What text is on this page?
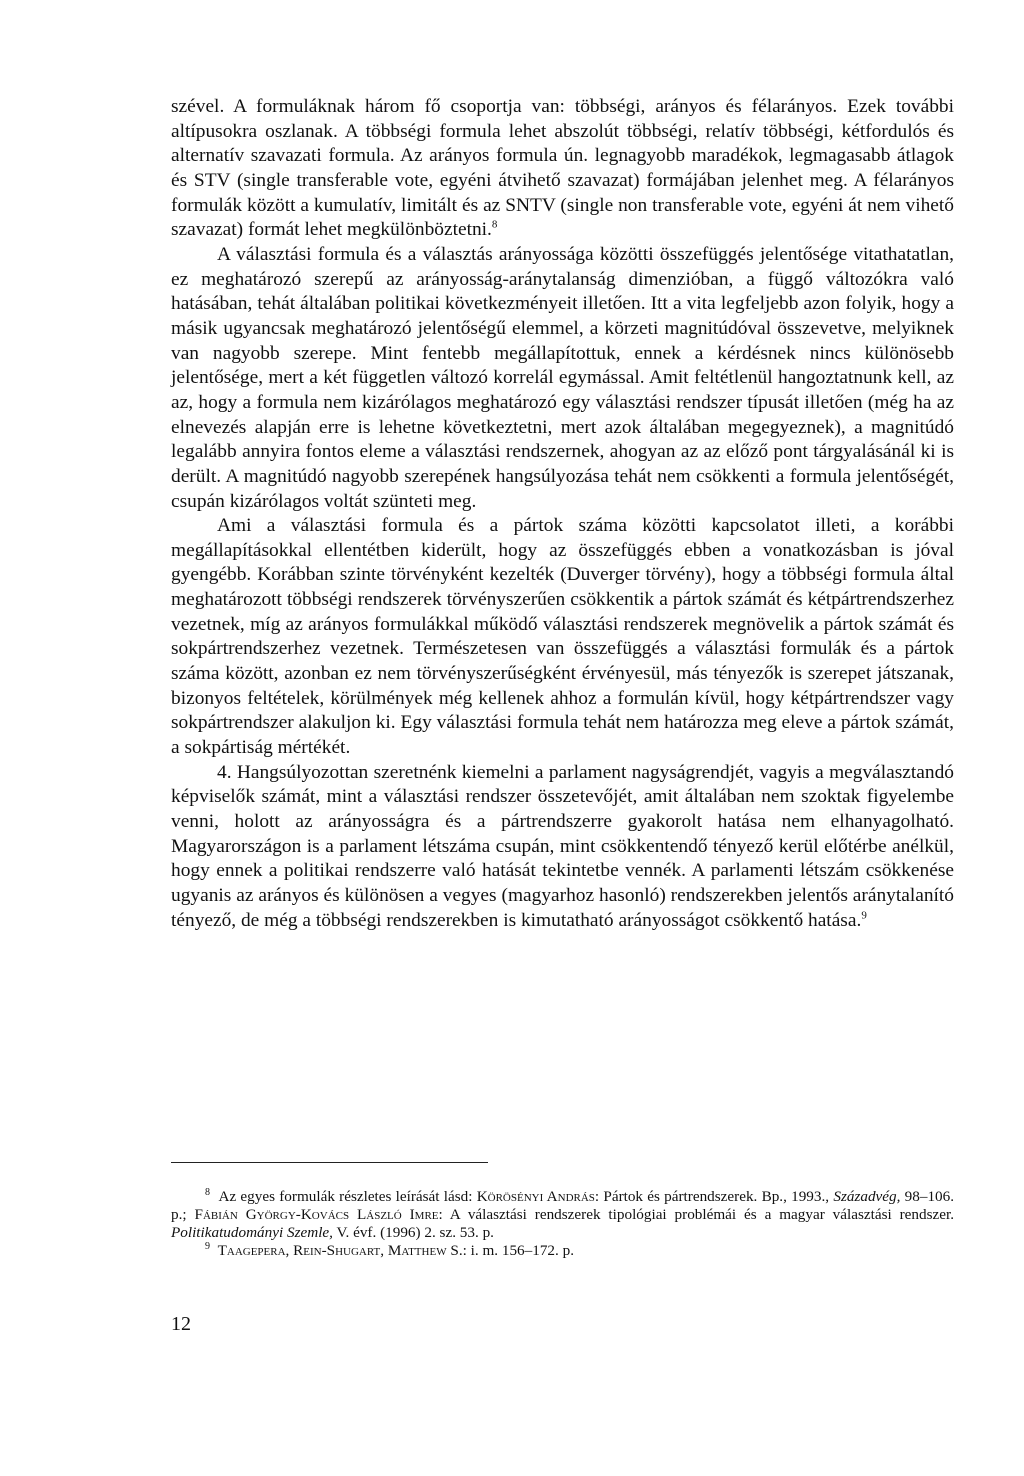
szével. A formuláknak három fő csoportja van: többségi, arányos és félarányos. Ezek további altípusokra oszlanak. A többségi formula lehet abszolút többségi, relatív többségi, kétfordulós és alternatív szavazati formula. Az arányos formula ún. legnagyobb maradékok, legmagasabb átlagok és STV (single transferable vote, egyéni átvihető szavazat) formájában jelenhet meg. A félarányos formulák között a kumulatív, limitált és az SNTV (single non transferable vote, egyéni át nem vihető szavazat) formát lehet megkülönböztetni.$^8$

A választási formula és a választás arányossága közötti összefüggés jelentősége vitathatatlan, ez meghatározó szerepű az arányosság-aránytalanság dimenzióban, a függő változókra való hatásában, tehát általában politikai következményeit illetően. Itt a vita legfeljebb azon folyik, hogy a másik ugyancsak meghatározó jelentőségű elemmel, a körzeti magnitúdóval összevetve, melyiknek van nagyobb szerepe. Mint fentebb megállapítottuk, ennek a kérdésnek nincs különösebb jelentősége, mert a két független változó korrelál egymással. Amit feltétlenül hangoztatnunk kell, az az, hogy a formula nem kizárólagos meghatározó egy választási rendszer típusát illetően (még ha az elnevezés alapján erre is lehetne következtetni, mert azok általában megegyeznek), a magnitúdó legalább annyira fontos eleme a választási rendszernek, ahogyan az az előző pont tárgyalásánál ki is derült. A magnitúdó nagyobb szerepének hangsúlyozása tehát nem csökkenti a formula jelentőségét, csupán kizárólagos voltát szünteti meg.

Ami a választási formula és a pártok száma közötti kapcsolatot illeti, a korábbi megállapításokkal ellentétben kiderült, hogy az összefüggés ebben a vonatkozásban is jóval gyengébb. Korábban szinte törvényként kezelték (Duverger törvény), hogy a többségi formula által meghatározott többségi rendszerek törvényszerűen csökkentik a pártok számát és kétpártrendszerhez vezetnek, míg az arányos formulákkal működő választási rendszerek megnövelik a pártok számát és sokpártrendszerhez vezetnek. Természetesen van összefüggés a választási formulák és a pártok száma között, azonban ez nem törvényszerűségként érvényesül, más tényezők is szerepet játszanak, bizonyos feltételek, körülmények még kellenek ahhoz a formulán kívül, hogy kétpártrendszer vagy sokpártrendszer alakuljon ki. Egy választási formula tehát nem határozza meg eleve a pártok számát, a sokpártiság mértékét.

4. Hangsúlyozottan szeretnénk kiemelni a parlament nagyságrendjét, vagyis a megválasztandó képviselők számát, mint a választási rendszer összetevőjét, amit általában nem szoktak figyelembe venni, holott az arányosságra és a pártrendszerre gyakorolt hatása nem elhanyagolható. Magyarországon is a parlament létszáma csupán, mint csökkentendő tényező kerül előtérbe anélkül, hogy ennek a politikai rendszerre való hatását tekintetbe vennék. A parlamenti létszám csökkenése ugyanis az arányos és különösen a vegyes (magyarhoz hasonló) rendszerekben jelentős aránytalanító tényező, de még a többségi rendszerekben is kimutatható arányosságot csökkentő hatása.$^9$

$^8$ Az egyes formulák részletes leírását lásd: Körösényi András: Pártok és pártrendszerek. Bp., 1993., Századvég, 98–106. p.; Fábián György-Kovács László Imre: A választási rendszerek tipológiai problémái és a magyar választási rendszer. Politikatudományi Szemle, V. évf. (1996) 2. sz. 53. p.

$^9$ Taagepera, Rein-Shugart, Matthew S.: i. m. 156–172. p.

12
